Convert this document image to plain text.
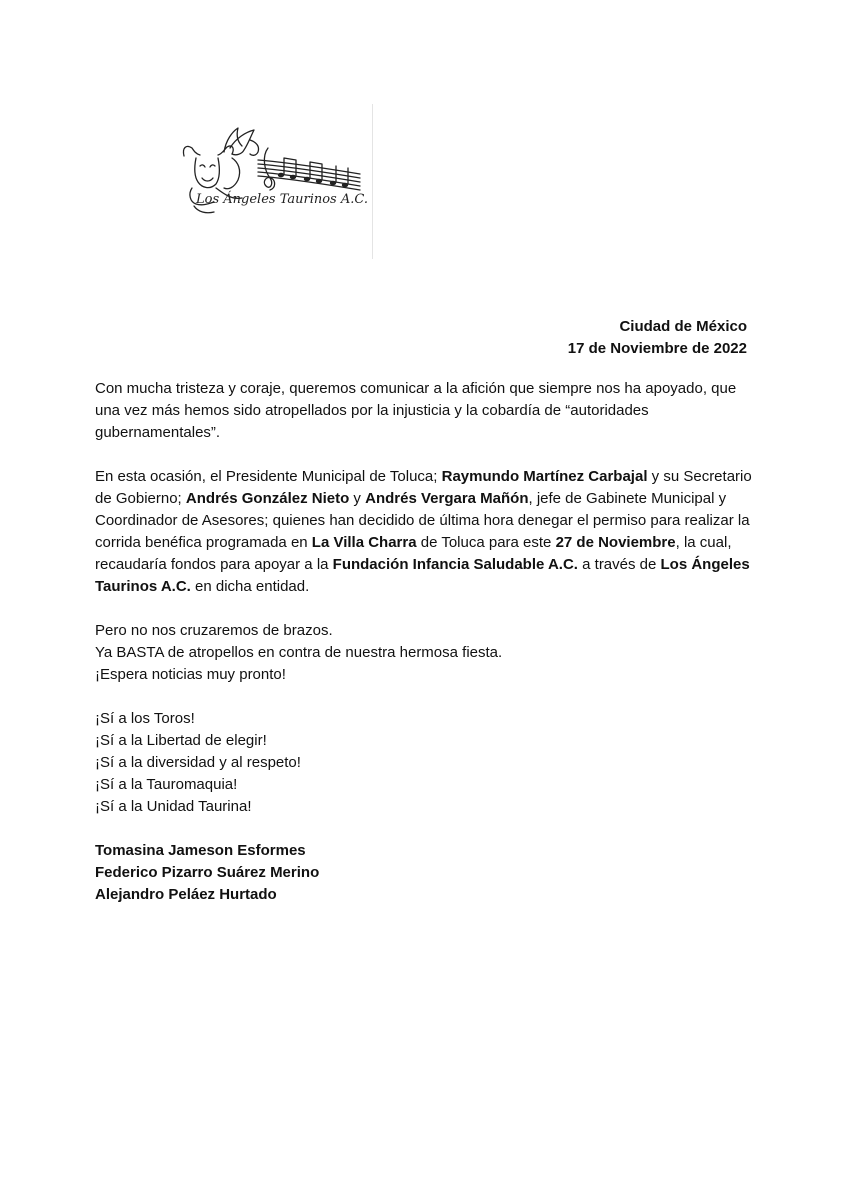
Los Ángeles Taurinos A.C.
Ciudad de México
17 de Noviembre de 2022

Con mucha tristeza y coraje, queremos comunicar a la afición que siempre nos ha apoyado, que una vez más hemos sido atropellados por la injusticia y la cobardía de “autoridades gubernamentales”.

En esta ocasión, el Presidente Municipal de Toluca; Raymundo Martínez Carbajal y su Secretario de Gobierno; Andrés González Nieto y Andrés Vergara Mañón, jefe de Gabinete Municipal y Coordinador de Asesores; quienes han decidido de última hora denegar el permiso para realizar la corrida benéfica programada en La Villa Charra de Toluca para este 27 de Noviembre, la cual, recaudaría fondos para apoyar a la Fundación Infancia Saludable A.C. a través de Los Ángeles Taurinos A.C. en dicha entidad.

Pero no nos cruzaremos de brazos.
Ya BASTA de atropellos en contra de nuestra hermosa fiesta.
¡Espera noticias muy pronto!

¡Sí a los Toros!
¡Sí a la Libertad de elegir!
¡Sí a la diversidad y al respeto!
¡Sí a la Tauromaquia!
¡Sí a la Unidad Taurina!

Tomasina Jameson Esformes
Federico Pizarro Suárez Merino
Alejandro Peláez Hurtado
